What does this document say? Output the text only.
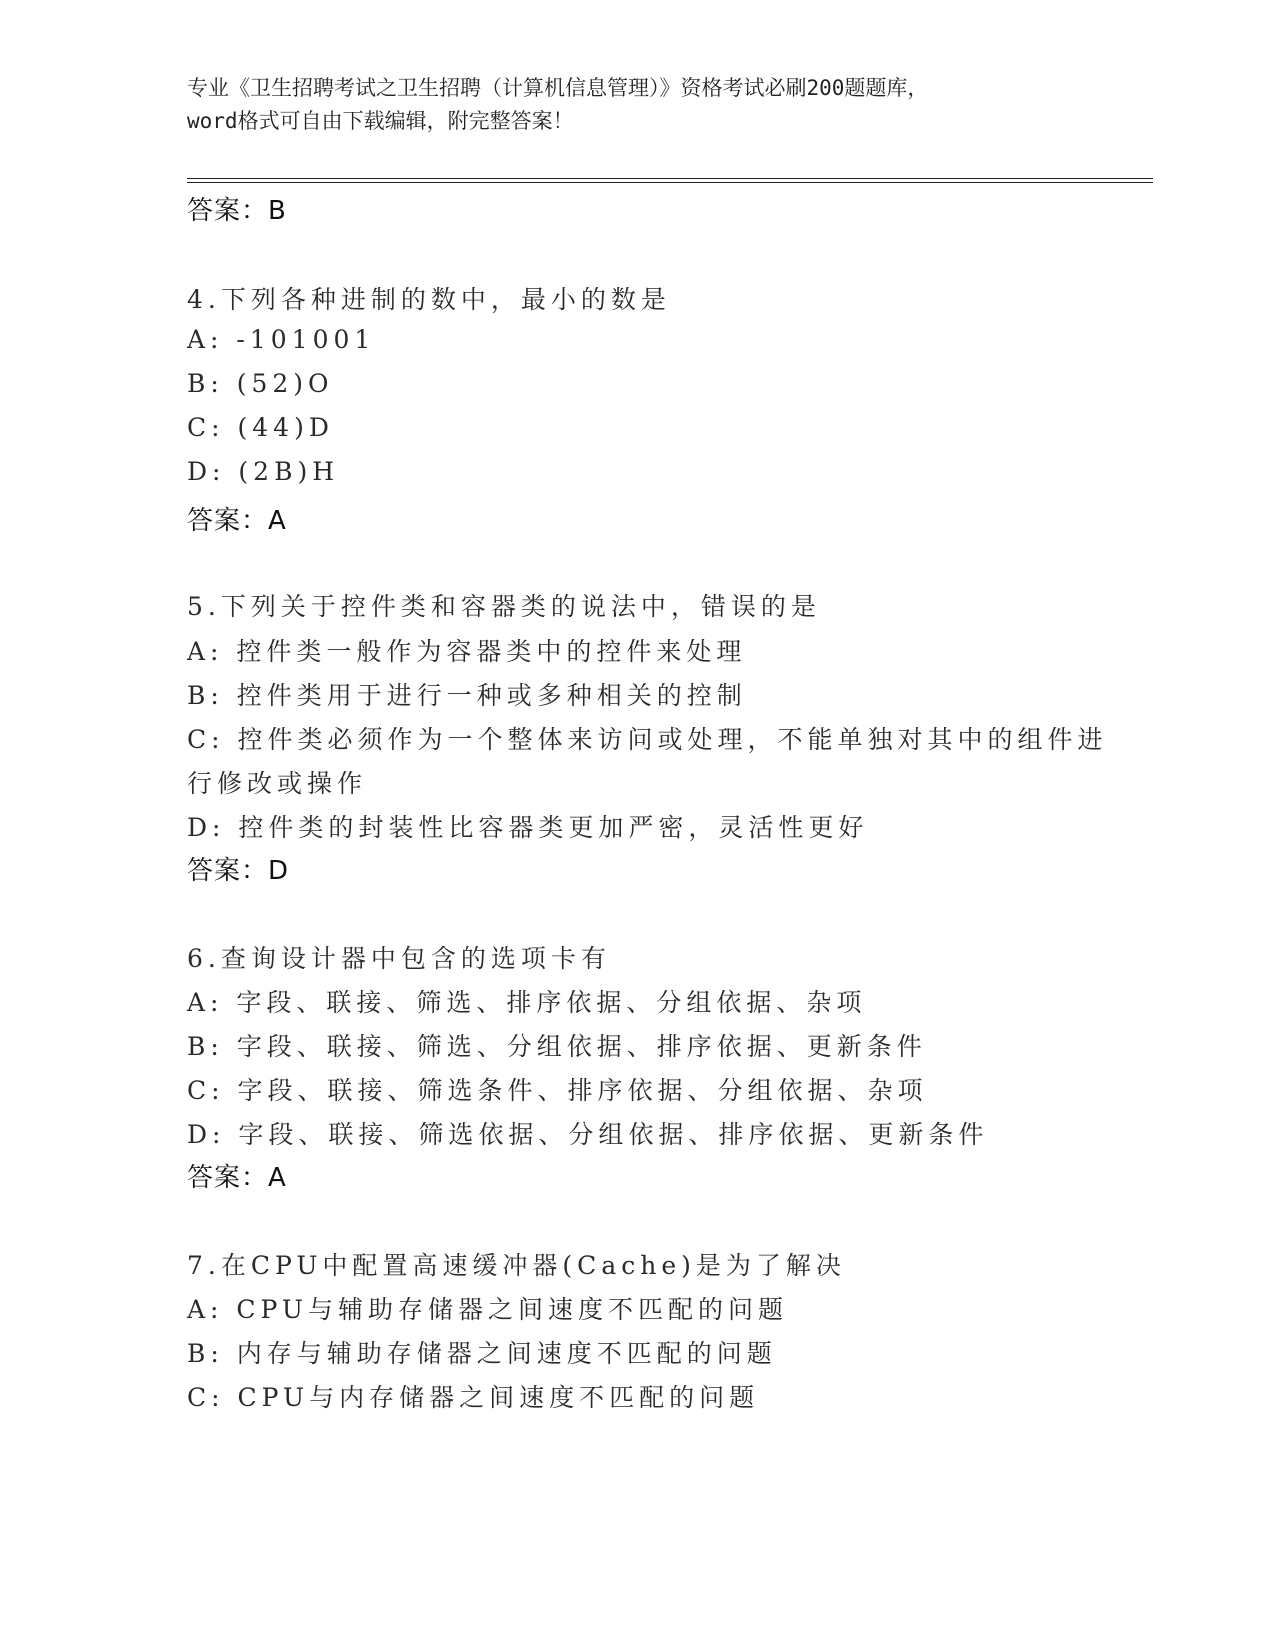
专业《卫生招聘考试之卫生招聘（计算机信息管理）》资格考试必刷200题题库，
word格式可自由下载编辑，附完整答案！
答案：B
4.下列各种进制的数中，最小的数是
A: -101001
B: (52)O
C: (44)D
D: (2B)H
答案：A
5.下列关于控件类和容器类的说法中，错误的是
A: 控件类一般作为容器类中的控件来处理
B: 控件类用于进行一种或多种相关的控制
C: 控件类必须作为一个整体来访问或处理，不能单独对其中的组件进
行修改或操作
D: 控件类的封装性比容器类更加严密，灵活性更好
答案：D
6.查询设计器中包含的选项卡有
A: 字段、联接、筛选、排序依据、分组依据、杂项
B: 字段、联接、筛选、分组依据、排序依据、更新条件
C: 字段、联接、筛选条件、排序依据、分组依据、杂项
D: 字段、联接、筛选依据、分组依据、排序依据、更新条件
答案：A
7.在CPU中配置高速缓冲器(Cache)是为了解决
A: CPU与辅助存储器之间速度不匹配的问题
B: 内存与辅助存储器之间速度不匹配的问题
C: CPU与内存储器之间速度不匹配的问题
